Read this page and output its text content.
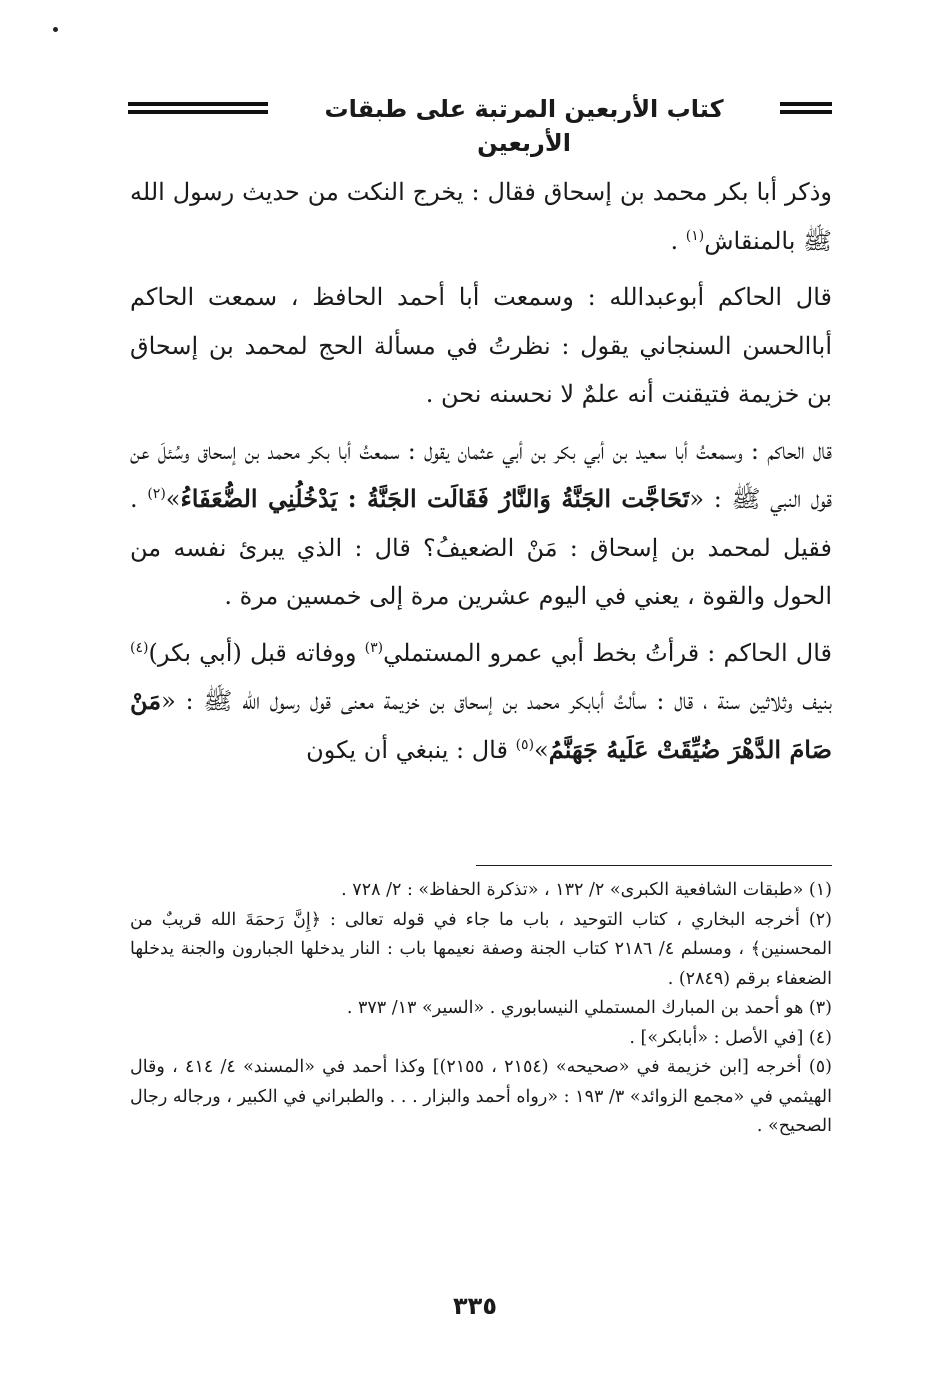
كتاب الأربعين المرتبة على طبقات الأربعين

وذكر أبا بكر محمد بن إسحاق فقال : يخرج النكت من حديث رسول الله ﷺ بالمنقاش$^{(١)}$ .

قال الحاكم أبوعبدالله : وسمعت أبا أحمد الحافظ ، سمعت الحاكم أباالحسن السنجاني يقول : نظرتُ في مسألة الحج لمحمد بن إسحاق بن خزيمة فتيقنت أنه علمٌ لا نحسنه نحن .

قال الحاكم : وسمعتُ أبا سعيد بن أبي بكر بن أبي عثمان يقول : سمعتُ أبا بكر محمد بن إسحاق وسُئلَ عن قول النبي ﷺ : «تَحَاجَّت الجَنَّةُ وَالنَّارُ فَقَالَت الجَنَّةُ : يَدْخُلُنِي الضُّعَفَاءُ»$^{(٢)}$ . فقيل لمحمد بن إسحاق : مَنْ الضعيفُ؟ قال : الذي يبرئ نفسه من الحول والقوة ، يعني في اليوم عشرين مرة إلى خمسين مرة .

قال الحاكم : قرأتُ بخط أبي عمرو المستملي$^{(٣)}$ ووفاته قبل (أبي بكر)$^{(٤)}$ بنيف وثلاثين سنة ، قال : سألتُ أبابكر محمد بن إسحاق بن خزيمة معنى قول رسول الله ﷺ : «مَنْ صَامَ الدَّهْرَ ضُيِّقَتْ عَلَيهُ جَهَنَّمُ»$^{(٥)}$ قال : ينبغي أن يكون

(١) «طبقات الشافعية الكبرى» ٢/ ١٣٢ ، «تذكرة الحفاظ» : ٢/ ٧٢٨ .

(٢) أخرجه البخاري ، كتاب التوحيد ، باب ما جاء في قوله تعالى : ﴿إِنَّ رَحمَةَ الله قريبٌ من المحسنين﴾ ، ومسلم ٤/ ٢١٨٦ كتاب الجنة وصفة نعيمها باب : النار يدخلها الجبارون والجنة يدخلها الضعفاء برقم (٢٨٤٩) .

(٣) هو أحمد بن المبارك المستملي النيسابوري . «السير» ١٣/ ٣٧٣ .

(٤) [في الأصل : «أبابكر»] .

(٥) أخرجه [ابن خزيمة في «صحيحه» (٢١٥٤ ، ٢١٥٥)] وكذا أحمد في «المسند» ٤/ ٤١٤ ، وقال الهيثمي في «مجمع الزوائد» ٣/ ١٩٣ : «رواه أحمد والبزار . . . والطبراني في الكبير ، ورجاله رجال الصحيح» .

٣٣٥
